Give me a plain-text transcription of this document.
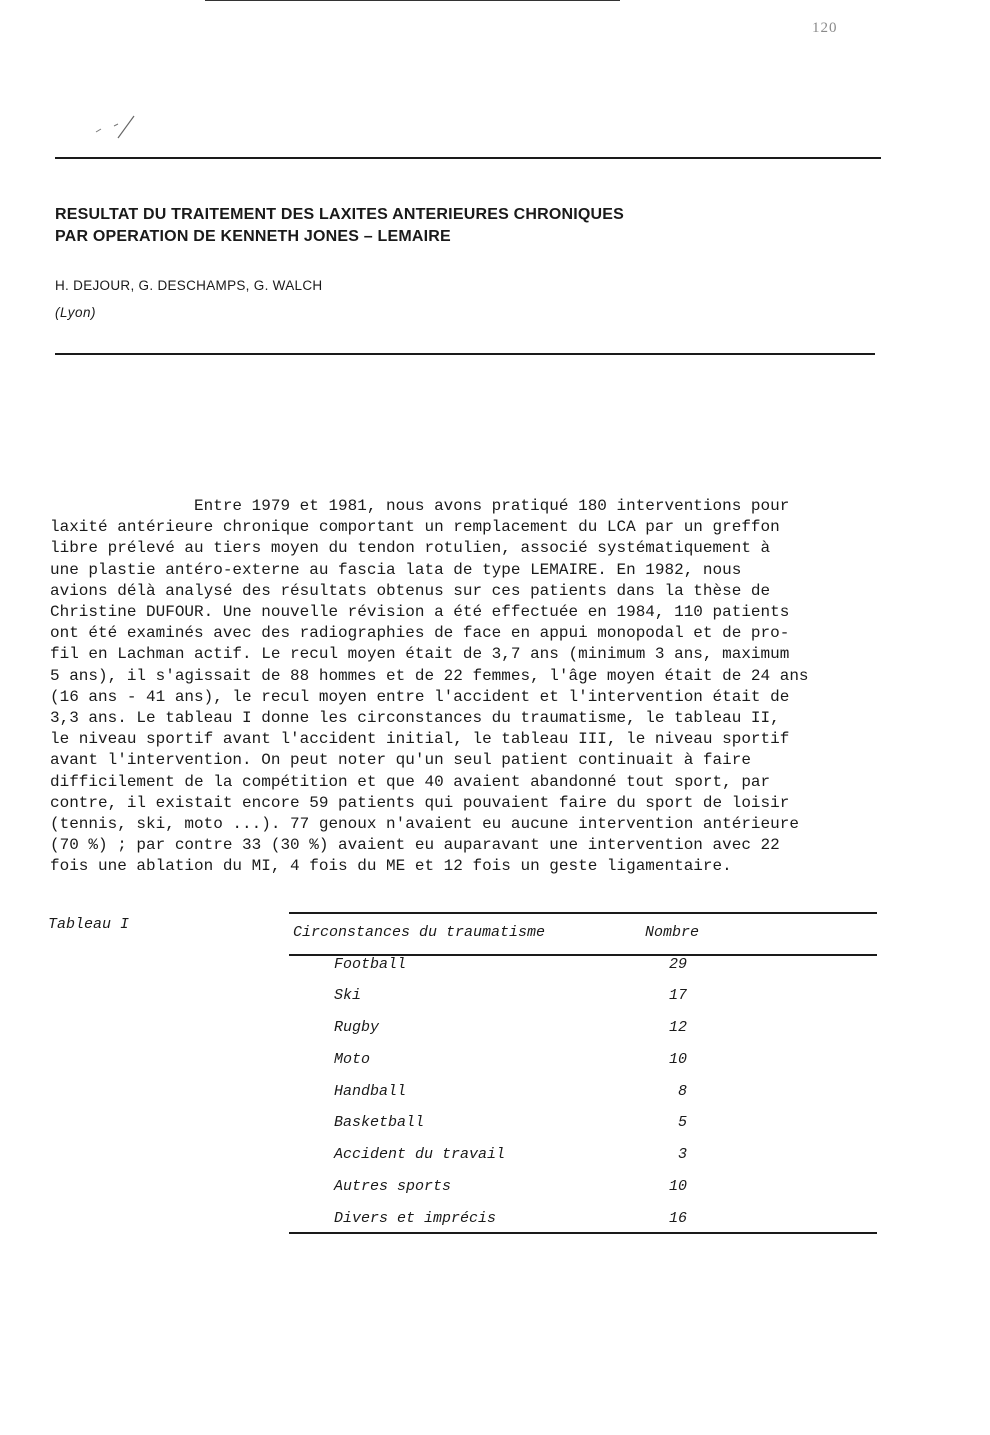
120
RESULTAT DU TRAITEMENT DES LAXITES ANTERIEURES CHRONIQUES
PAR OPERATION DE KENNETH JONES – LEMAIRE
H. DEJOUR, G. DESCHAMPS, G. WALCH
(Lyon)
Entre 1979 et 1981, nous avons pratiqué 180 interventions pour
laxité antérieure chronique comportant un remplacement du LCA par un greffon
libre prélevé au tiers moyen du tendon rotulien, associé systématiquement à
une plastie antéro-externe au fascia lata de type LEMAIRE. En 1982, nous
avions délà analysé des résultats obtenus sur ces patients dans la thèse de
Christine DUFOUR. Une nouvelle révision a été effectuée en 1984, 110 patients
ont été examinés avec des radiographies de face en appui monopodal et de pro-
fil en Lachman actif. Le recul moyen était de 3,7 ans (minimum 3 ans, maximum
5 ans), il s'agissait de 88 hommes et de 22 femmes, l'âge moyen était de 24 ans
(16 ans - 41 ans), le recul moyen entre l'accident et l'intervention était de
3,3 ans. Le tableau I donne les circonstances du traumatisme, le tableau II,
le niveau sportif avant l'accident initial, le tableau III, le niveau sportif
avant l'intervention. On peut noter qu'un seul patient continuait à faire
difficilement de la compétition et que 40 avaient abandonné tout sport, par
contre, il existait encore 59 patients qui pouvaient faire du sport de loisir
(tennis, ski, moto ...). 77 genoux n'avaient eu aucune intervention antérieure
(70 %) ; par contre 33 (30 %) avaient eu auparavant une intervention avec 22
fois une ablation du MI, 4 fois du ME et 12 fois un geste ligamentaire.
Tableau I	Circonstances du traumatisme	Nombre
Football	29
Ski	17
Rugby	12
Moto	10
Handball	8
Basketball	5
Accident du travail	3
Autres sports	10
Divers et imprécis	16
